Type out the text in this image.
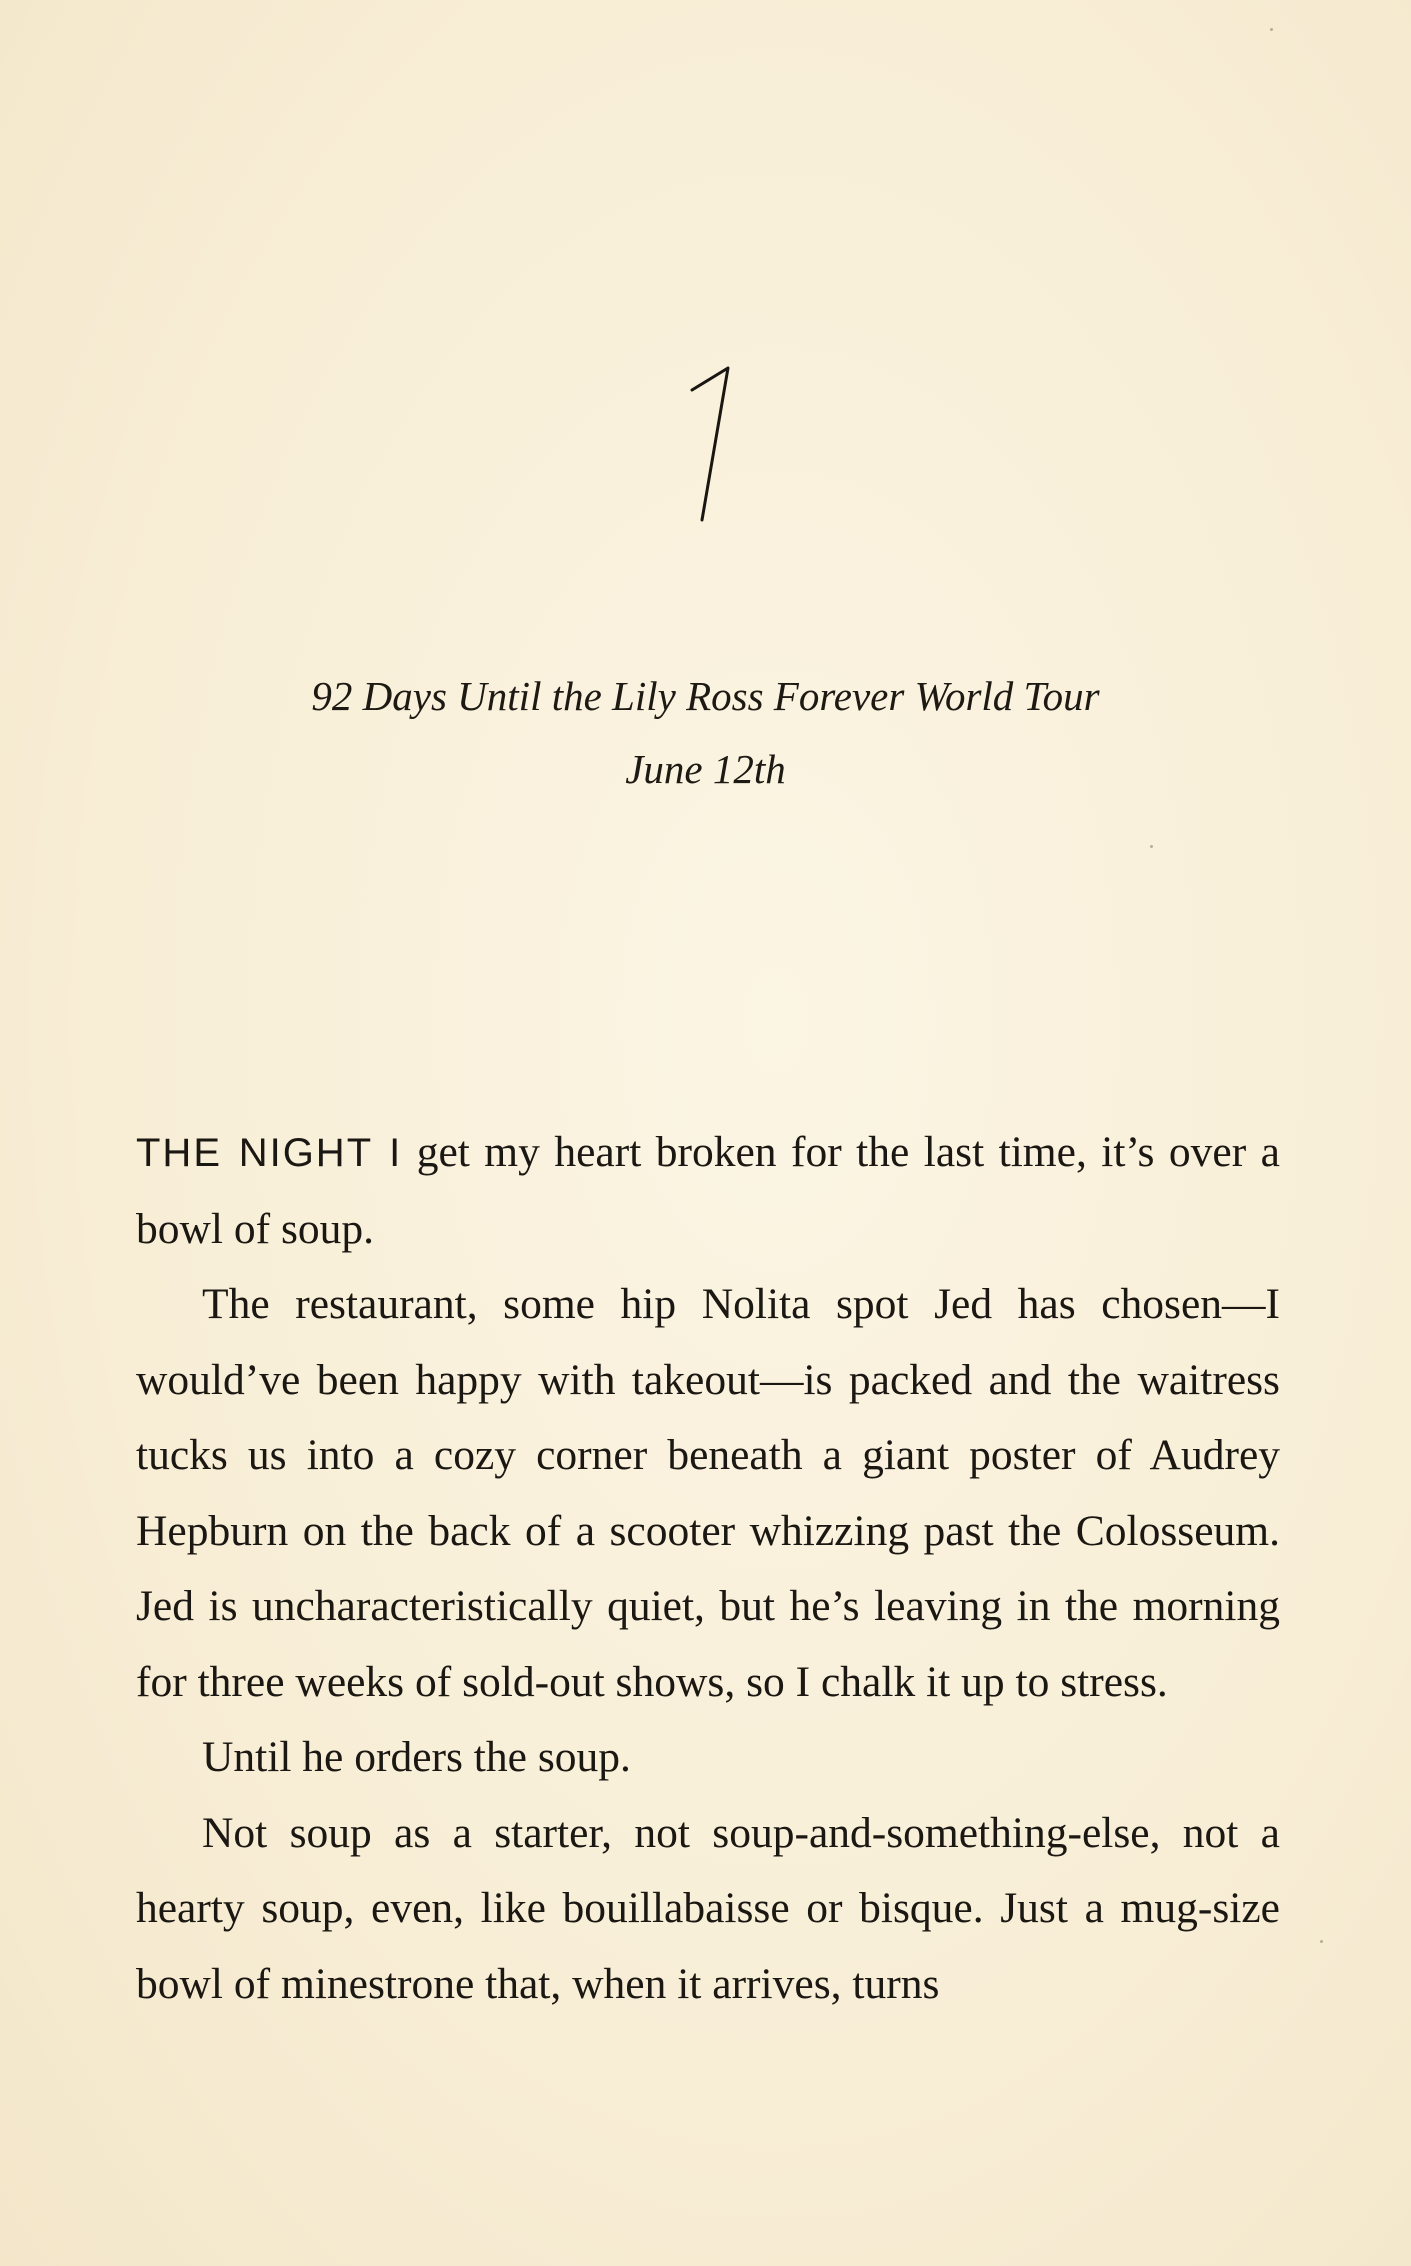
92 Days Until the Lily Ross Forever World Tour
June 12th

THE NIGHT I get my heart broken for the last time, it’s over a bowl of soup.

The restaurant, some hip Nolita spot Jed has chosen—I would’ve been happy with takeout—is packed and the waitress tucks us into a cozy corner beneath a giant poster of Audrey Hepburn on the back of a scooter whizzing past the Colosseum. Jed is uncharacteristically quiet, but he’s leaving in the morning for three weeks of sold-out shows, so I chalk it up to stress.

Until he orders the soup.

Not soup as a starter, not soup-and-something-else, not a hearty soup, even, like bouillabaisse or bisque. Just a mug-size bowl of minestrone that, when it arrives, turns
